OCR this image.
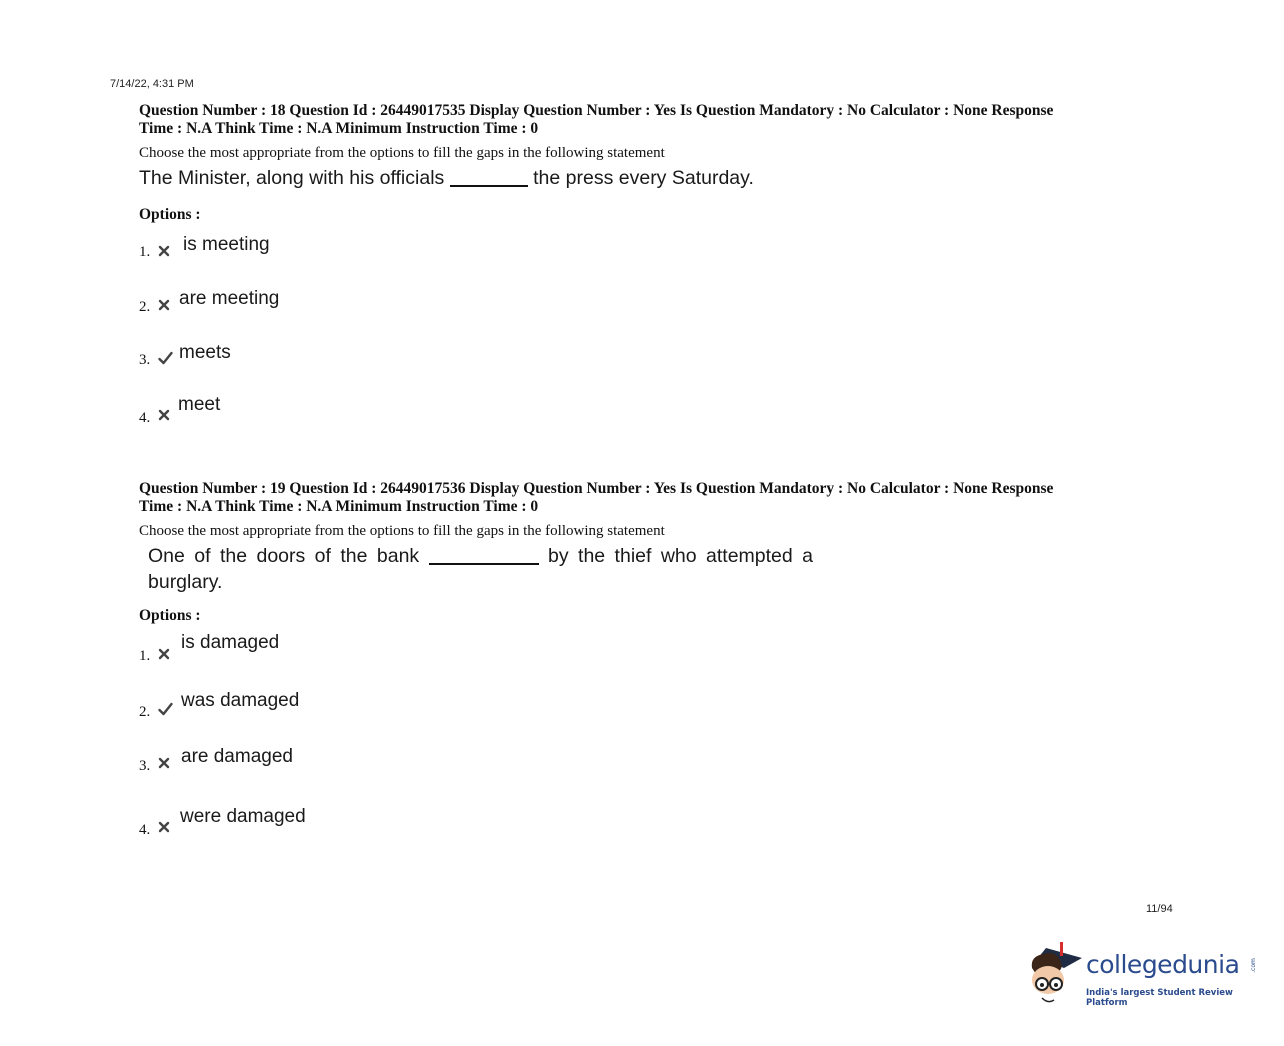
7/14/22, 4:31 PM

Question Number : 18 Question Id : 26449017535 Display Question Number : Yes Is Question Mandatory : No Calculator : None Response

Time : N.A Think Time : N.A Minimum Instruction Time : 0

Choose the most appropriate from the options to fill the gaps in the following statement

The Minister, along with his officials	the press every Saturday.
Options :
1. is meeting
2. are meeting
3. meets
4.
meet

Question Number : 19 Question Id : 26449017536 Display Question Number : Yes Is Question Mandatory : No Calculator : None Response

Time : N.A Think Time : N.A Minimum Instruction Time : 0

Choose the most appropriate from the options to fill the gaps in the following statement

One of the doors of the bank	by the thief who attempted a
burglary.
Options :
1.
is damaged
2.
was damaged
3. are damaged
4.
were damaged
11/94
collegedunia .com
India's largest Student Review Platform
